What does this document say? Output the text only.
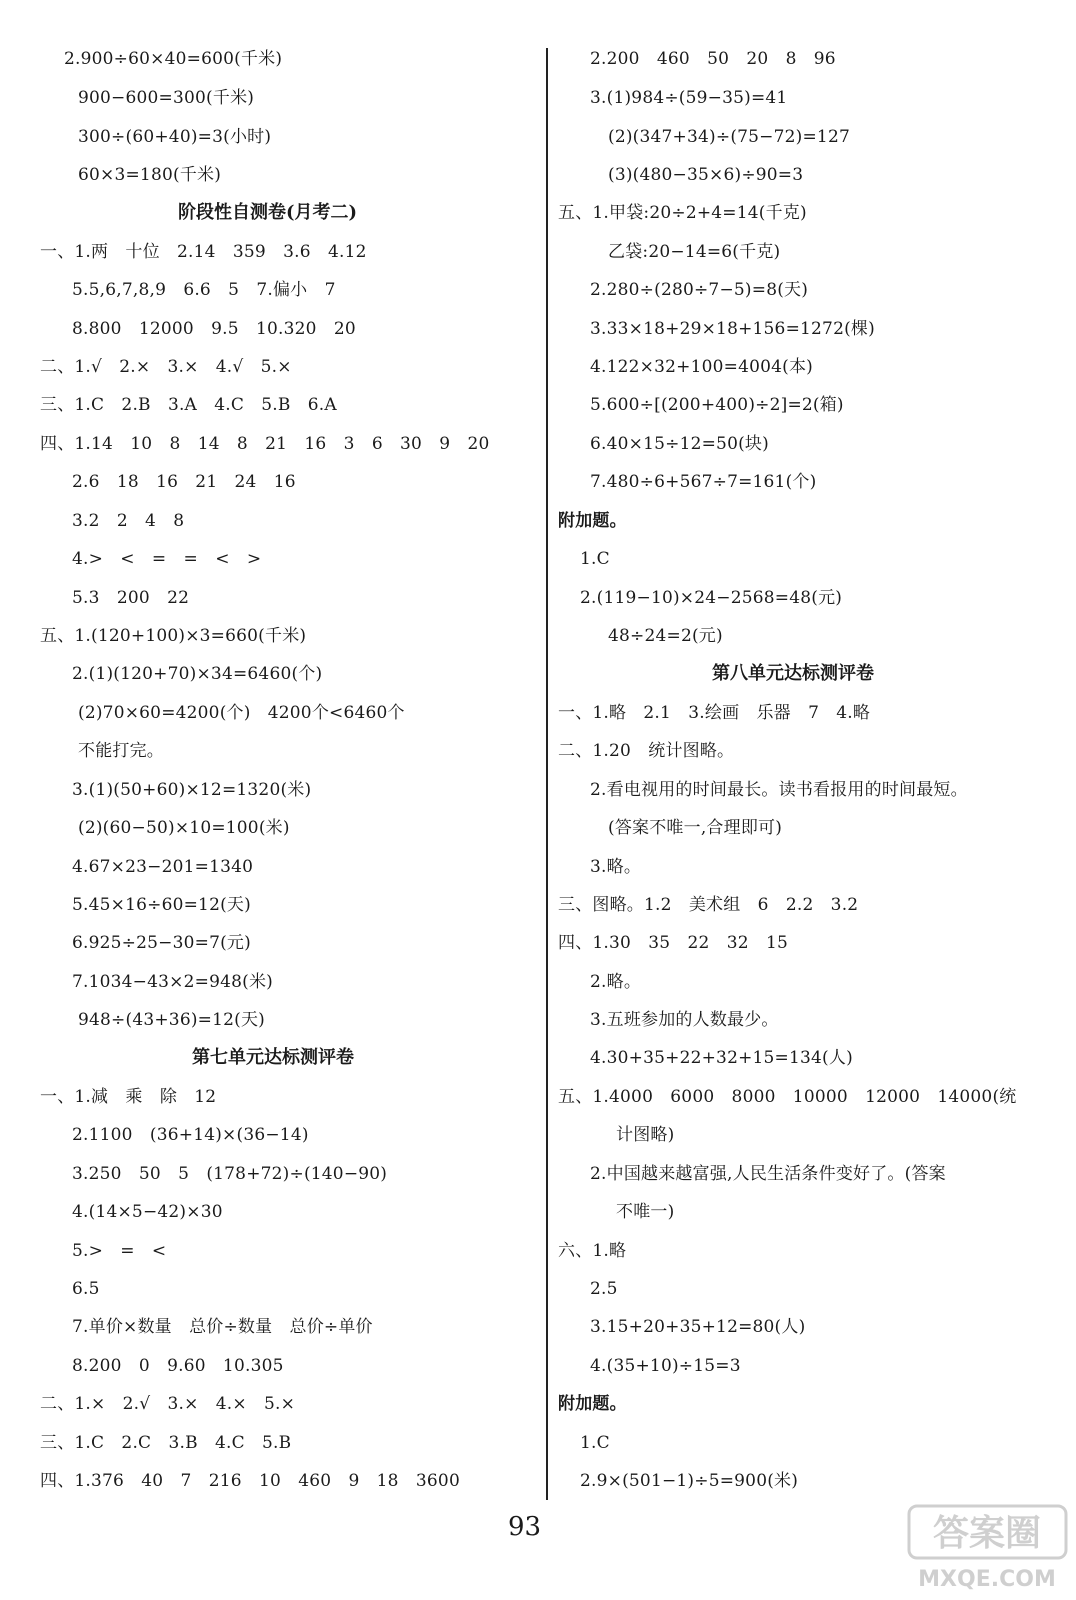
2.900÷60×40=600(千米)
900−600=300(千米)
300÷(60+40)=3(小时)
60×3=180(千米)
阶段性自测卷(月考二)
一、1.两　十位　2.14　359　3.6　4.12
5.5,6,7,8,9　6.6　5　7.偏小　7
8.800　12000　9.5　10.320　20
二、1.√　2.×　3.×　4.√　5.×
三、1.C　2.B　3.A　4.C　5.B　6.A
四、1.14　10　8　14　8　21　16　3　6　30　9　20
2.6　18　16　21　24　16
3.2　2　4　8
4.>　<　=　=　<　>
5.3　200　22
五、1.(120+100)×3=660(千米)
2.(1)(120+70)×34=6460(个)
(2)70×60=4200(个)　4200个<6460个
不能打完。
3.(1)(50+60)×12=1320(米)
(2)(60−50)×10=100(米)
4.67×23−201=1340
5.45×16÷60=12(天)
6.925÷25−30=7(元)
7.1034−43×2=948(米)
948÷(43+36)=12(天)
第七单元达标测评卷
一、1.减　乘　除　12
2.1100　(36+14)×(36−14)
3.250　50　5　(178+72)÷(140−90)
4.(14×5−42)×30
5.>　=　<
6.5
7.单价×数量　总价÷数量　总价÷单价
8.200　0　9.60　10.305
二、1.×　2.√　3.×　4.×　5.×
三、1.C　2.C　3.B　4.C　5.B
四、1.376　40　7　216　10　460　9　18　3600
2.200　460　50　20　8　96
3.(1)984÷(59−35)=41
(2)(347+34)÷(75−72)=127
(3)(480−35×6)÷90=3
五、1.甲袋:20÷2+4=14(千克)
乙袋:20−14=6(千克)
2.280÷(280÷7−5)=8(天)
3.33×18+29×18+156=1272(棵)
4.122×32+100=4004(本)
5.600÷[(200+400)÷2]=2(箱)
6.40×15÷12=50(块)
7.480÷6+567÷7=161(个)
附加题。
1.C
2.(119−10)×24−2568=48(元)
48÷24=2(元)
第八单元达标测评卷
一、1.略　2.1　3.绘画　乐器　7　4.略
二、1.20　统计图略。
2.看电视用的时间最长。读书看报用的时间最短。
(答案不唯一,合理即可)
3.略。
三、图略。1.2　美术组　6　2.2　3.2
四、1.30　35　22　32　15
2.略。
3.五班参加的人数最少。
4.30+35+22+32+15=134(人)
五、1.4000　6000　8000　10000　12000　14000(统
计图略)
2.中国越来越富强,人民生活条件变好了。(答案
不唯一)
六、1.略
2.5
3.15+20+35+12=80(人)
4.(35+10)÷15=3
附加题。
1.C
2.9×(501−1)÷5=900(米)
93	答案圈
MXQE.COM
